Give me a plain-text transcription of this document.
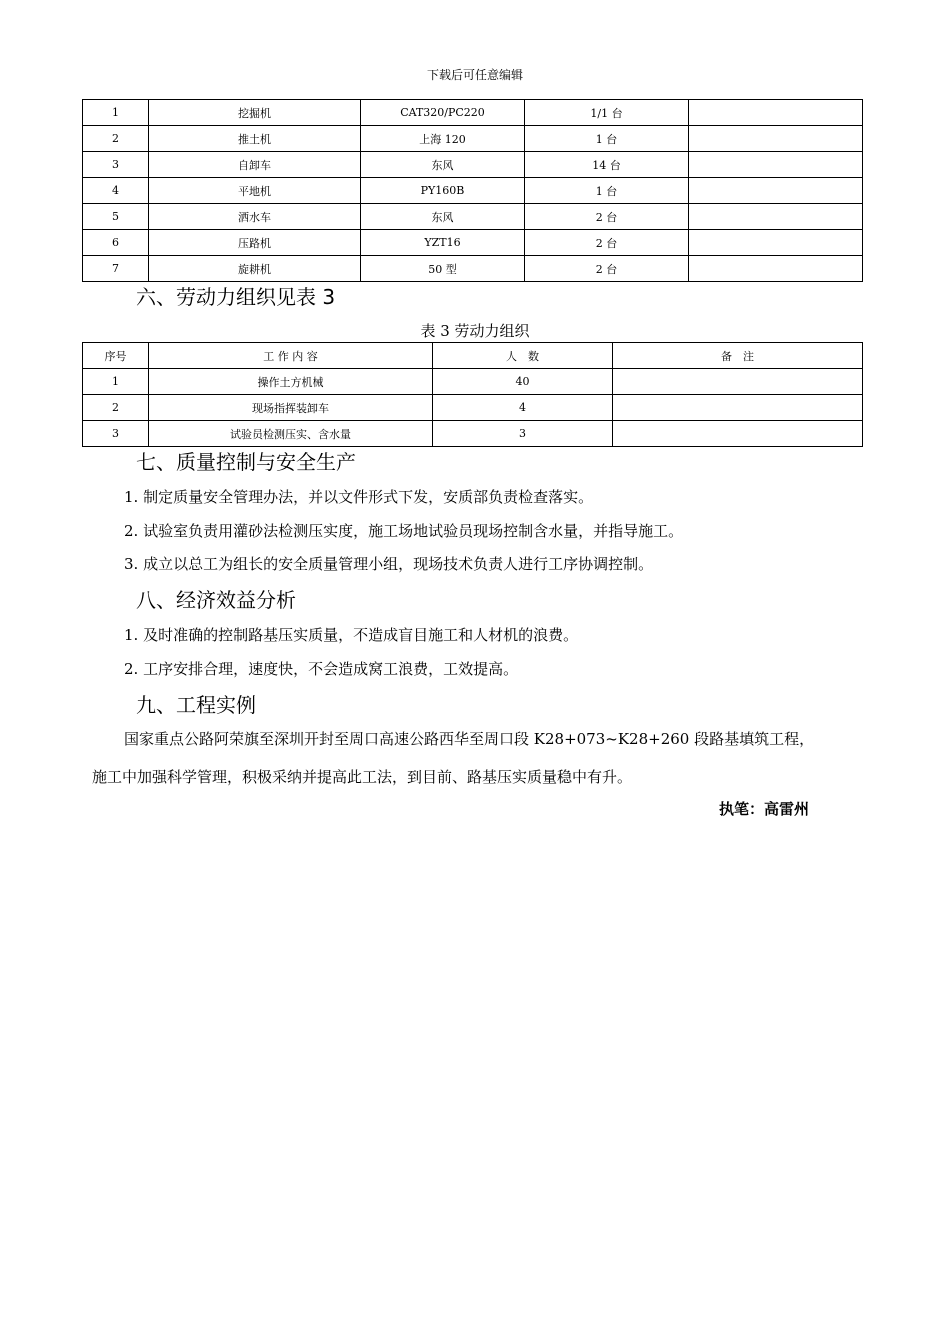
下载后可任意编辑
1	挖掘机	CAT320/PC220	1/1 台	
2	推土机	上海 120	1 台	
3	自卸车	东风	14 台	
4	平地机	PY160B	1 台	
5	洒水车	东风	2 台	
6	压路机	YZT16	2 台	
7	旋耕机	50 型	2 台	
六、劳动力组织见表 3
表 3 劳动力组织
序号	工 作 内 容	人　数	备　注
1	操作土方机械	40	
2	现场指挥装卸车	4	
3	试验员检测压实、含水量	3	
七、质量控制与安全生产
1. 制定质量安全管理办法，并以文件形式下发，安质部负责检查落实。
2. 试验室负责用灌砂法检测压实度，施工场地试验员现场控制含水量，并指导施工。
3. 成立以总工为组长的安全质量管理小组，现场技术负责人进行工序协调控制。
八、经济效益分析
1. 及时准确的控制路基压实质量，不造成盲目施工和人材机的浪费。
2. 工序安排合理，速度快，不会造成窝工浪费，工效提高。
九、工程实例
国家重点公路阿荣旗至深圳开封至周口高速公路西华至周口段 K28+073~K28+260 段路基填筑工程，
施工中加强科学管理，积极采纳并提高此工法，到目前、路基压实质量稳中有升。
执笔：高雷州
